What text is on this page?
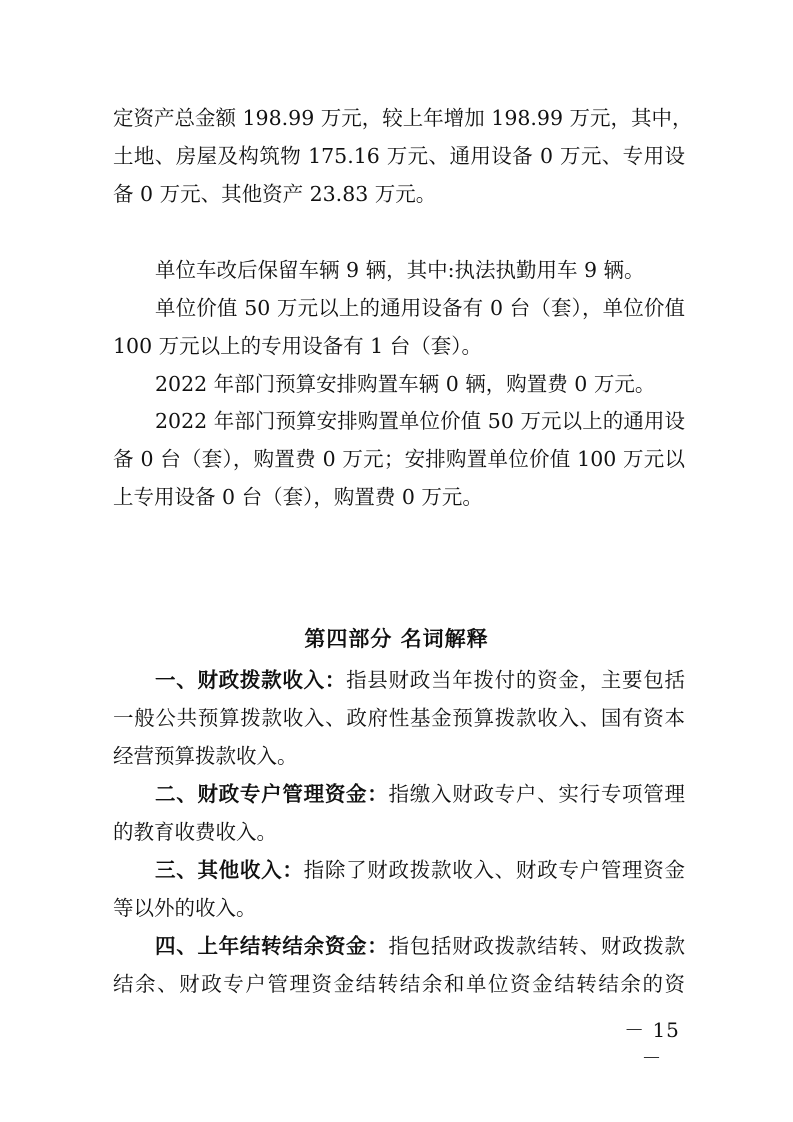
定资产总金额 198.99 万元，较上年增加 198.99 万元，其中，
土地、房屋及构筑物 175.16 万元、通用设备 0 万元、专用设
备 0 万元、其他资产 23.83 万元。
单位车改后保留车辆 9 辆，其中:执法执勤用车 9 辆。
单位价值 50 万元以上的通用设备有 0 台（套），单位价值
100 万元以上的专用设备有 1 台（套）。
2022 年部门预算安排购置车辆 0 辆，购置费 0 万元。
2022 年部门预算安排购置单位价值 50 万元以上的通用设
备 0 台（套），购置费 0 万元；安排购置单位价值 100 万元以
上专用设备 0 台（套），购置费 0 万元。
第四部分 名词解释
一、财政拨款收入：指县财政当年拨付的资金，主要包括
一般公共预算拨款收入、政府性基金预算拨款收入、国有资本
经营预算拨款收入。
二、财政专户管理资金：指缴入财政专户、实行专项管理
的教育收费收入。
三、其他收入：指除了财政拨款收入、财政专户管理资金
等以外的收入。
四、上年结转结余资金：指包括财政拨款结转、财政拨款
结余、财政专户管理资金结转结余和单位资金结转结余的资
－ 15 －
